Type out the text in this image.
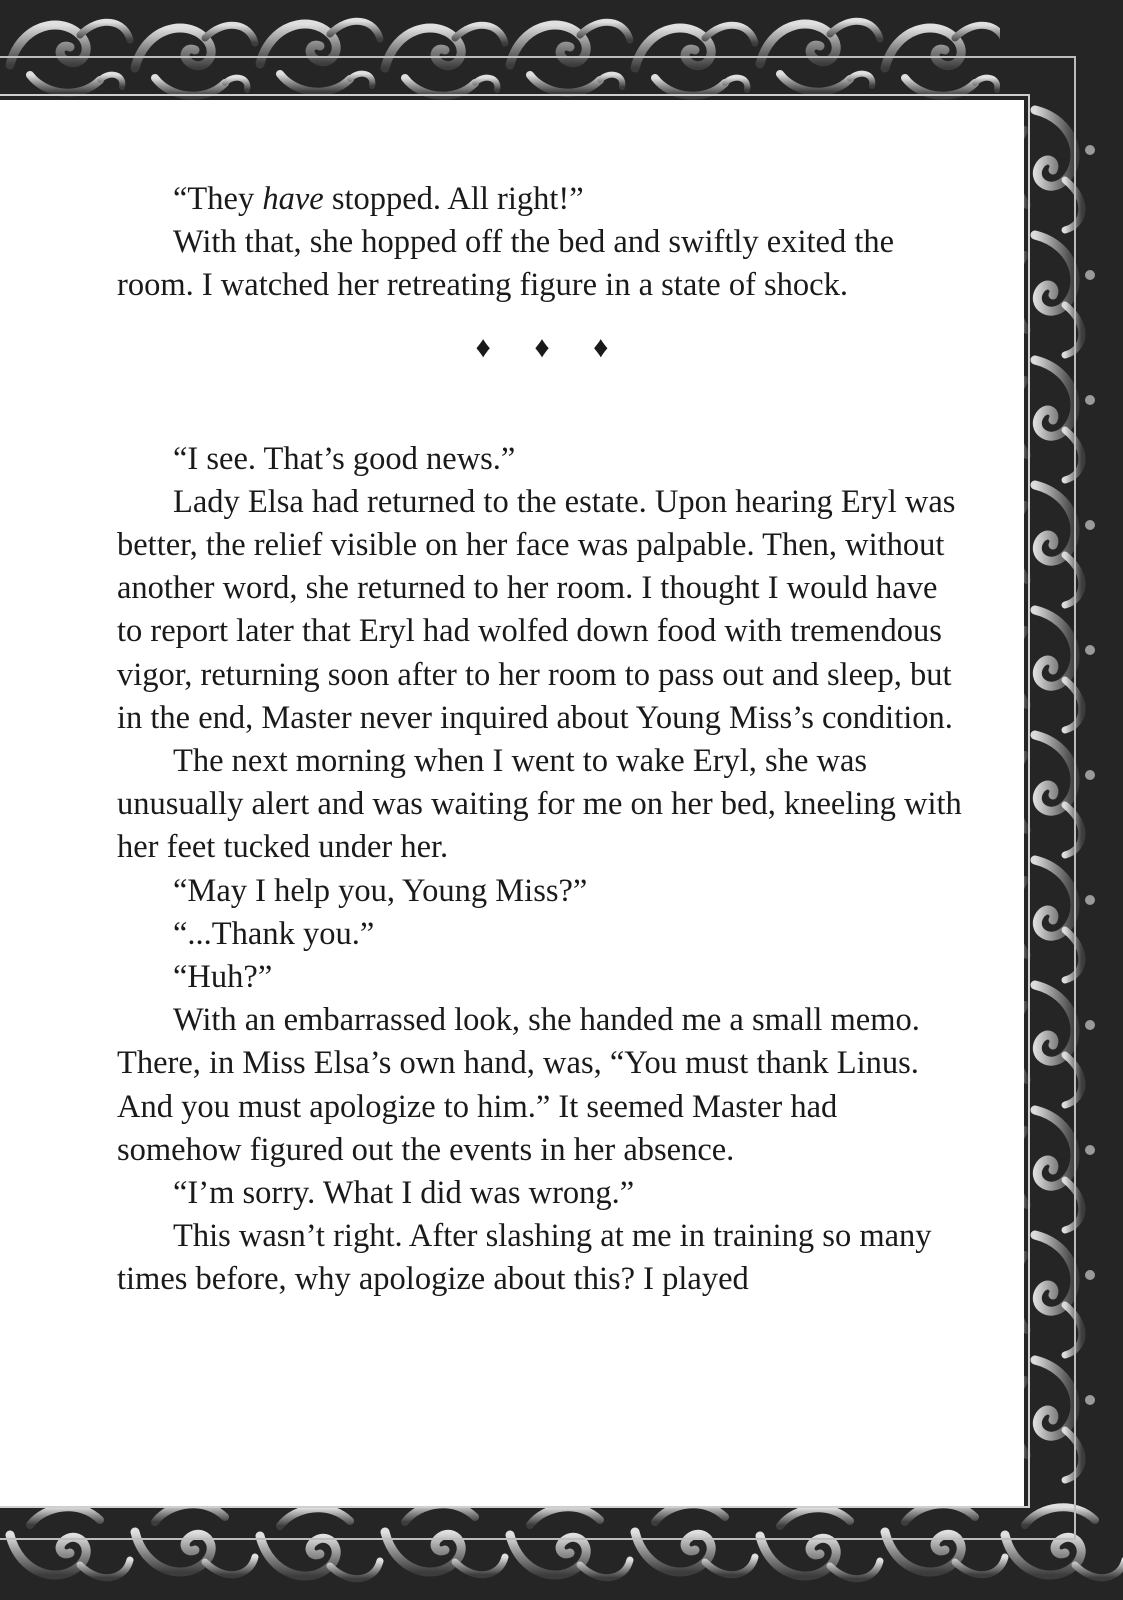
“They have stopped. All right!”

With that, she hopped off the bed and swiftly exited the room. I watched her retreating figure in a state of shock.

♦ ♦ ♦

“I see. That’s good news.”

Lady Elsa had returned to the estate. Upon hearing Eryl was better, the relief visible on her face was palpable. Then, without another word, she returned to her room. I thought I would have to report later that Eryl had wolfed down food with tremendous vigor, returning soon after to her room to pass out and sleep, but in the end, Master never inquired about Young Miss’s condition.

The next morning when I went to wake Eryl, she was unusually alert and was waiting for me on her bed, kneeling with her feet tucked under her.

“May I help you, Young Miss?”

“...Thank you.”

“Huh?”

With an embarrassed look, she handed me a small memo. There, in Miss Elsa’s own hand, was, “You must thank Linus. And you must apologize to him.” It seemed Master had somehow figured out the events in her absence.

“I’m sorry. What I did was wrong.”

This wasn’t right. After slashing at me in training so many times before, why apologize about this? I played
